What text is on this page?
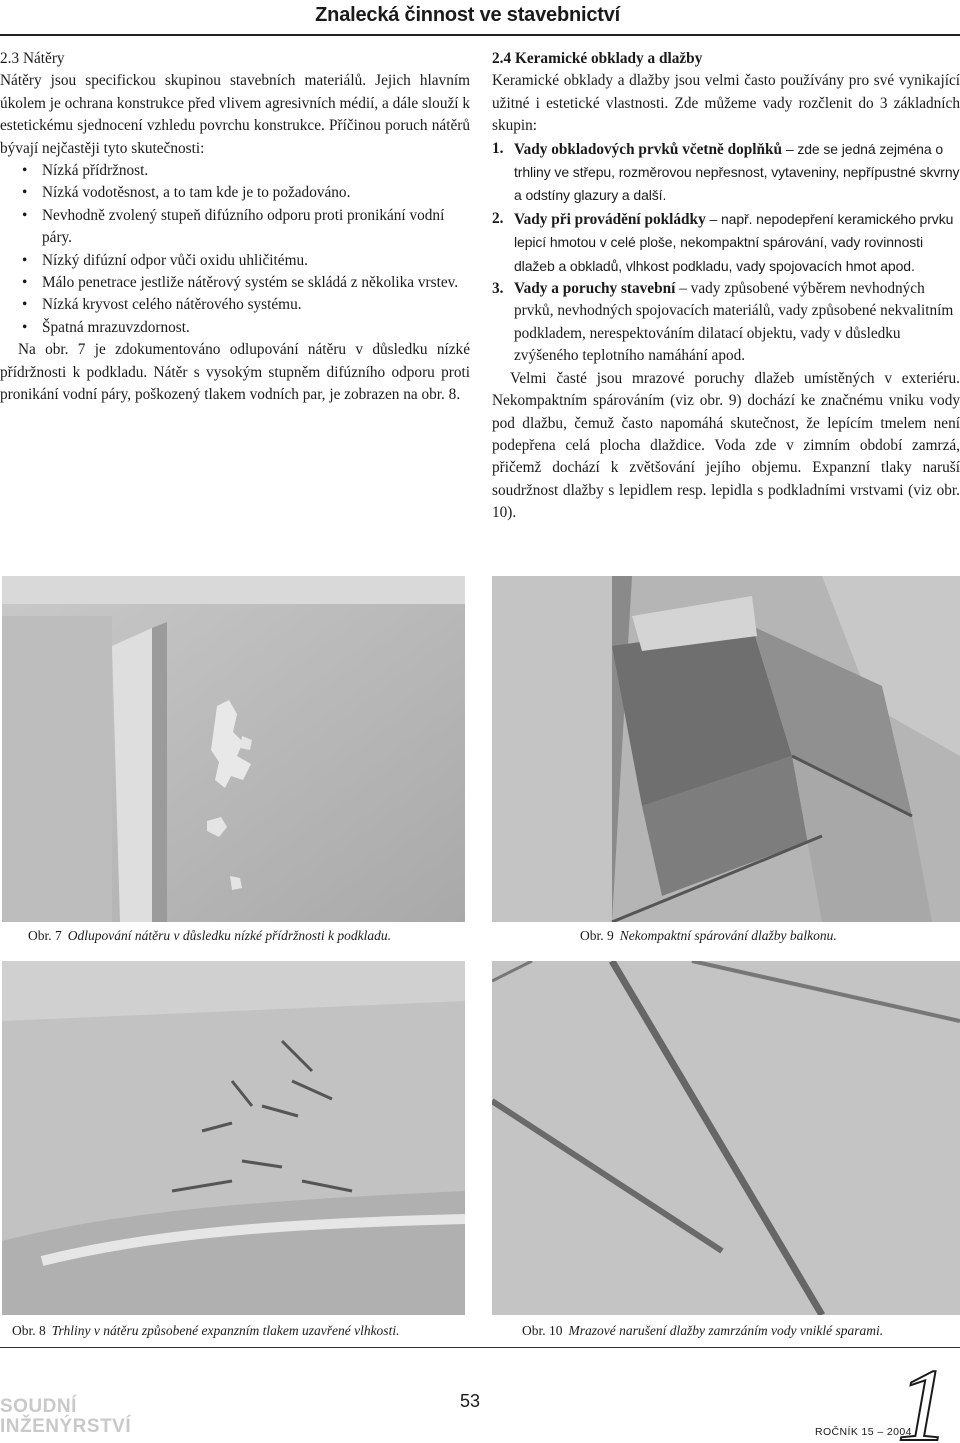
Znalecká činnost ve stavebnictví
2.3 Nátěry

Nátěry jsou specifickou skupinou stavebních materiálů. Jejich hlavním úkolem je ochrana konstrukce před vlivem agresivních médií, a dále slouží k estetickému sjednocení vzhledu povrchu konstrukce. Příčinou poruch nátěrů bývají nejčastěji tyto skutečnosti:

• Nízká přídržnost.
• Nízká vodotěsnost, a to tam kde je to požadováno.
• Nevhodně zvolený stupeň difúzního odporu proti pronikání vodní páry.
• Nízký difúzní odpor vůči oxidu uhličitému.
• Málo penetrace jestliže nátěrový systém se skládá z několika vrstev.
• Nízká kryvost celého nátěrového systému.
• Špatná mrazuvzdornost.

Na obr. 7 je zdokumentováno odlupování nátěru v důsledku nízké přídržnosti k podkladu. Nátěr s vysokým stupněm difúzního odporu proti pronikání vodní páry, poškozený tlakem vodních par, je zobrazen na obr. 8.

2.4 Keramické obklady a dlažby

Keramické obklady a dlažby jsou velmi často používány pro své vynikající užitné i estetické vlastnosti. Zde můžeme vady rozčlenit do 3 základních skupin:

1. Vady obkladových prvků včetně doplňků – zde se jedná zejména o trhliny ve střepu, rozměrovou nepřesnost, vytaveniny, nepřípustné skvrny a odstíny glazury a další.
2. Vady při provádění pokládky – např. nepodepření keramického prvku lepicí hmotou v celé ploše, nekompaktní spárování, vady rovinnosti dlažeb a obkladů, vlhkost podkladu, vady spojovacích hmot apod.
3. Vady a poruchy stavební – vady způsobené výběrem nevhodných prvků, nevhodných spojovacích materiálů, vady způsobené nekvalitním podkladem, nerespektováním dilatací objektu, vady v důsledku zvýšeného teplotního namáhání apod.

Velmi časté jsou mrazové poruchy dlažeb umístěných v exteriéru. Nekompaktním spárováním (viz obr. 9) dochází ke značnému vniku vody pod dlažbu, čemuž často napomáhá skutečnost, že lepícím tmelem není podepřena celá plocha dlaždice. Voda zde v zimním období zamrzá, přičemž dochází k zvětšování jejího objemu. Expanzní tlaky naruší soudržnost dlažby s lepidlem resp. lepidla s podkladními vrstvami (viz obr. 10).

Obr. 7 Odlupování nátěru v důsledku nízké přídržnosti k podkladu.	Obr. 9 Nekompaktní spárování dlažby balkonu.
Obr. 8 Trhliny v nátěru způsobené expanzním tlakem uzavřené vlhkosti.	Obr. 10 Mrazové narušení dlažby zamrzáním vody vniklé sparami.
SOUDNÍ
INŽENÝRSTVÍ
53
ROČNÍK 15 – 2004
1
